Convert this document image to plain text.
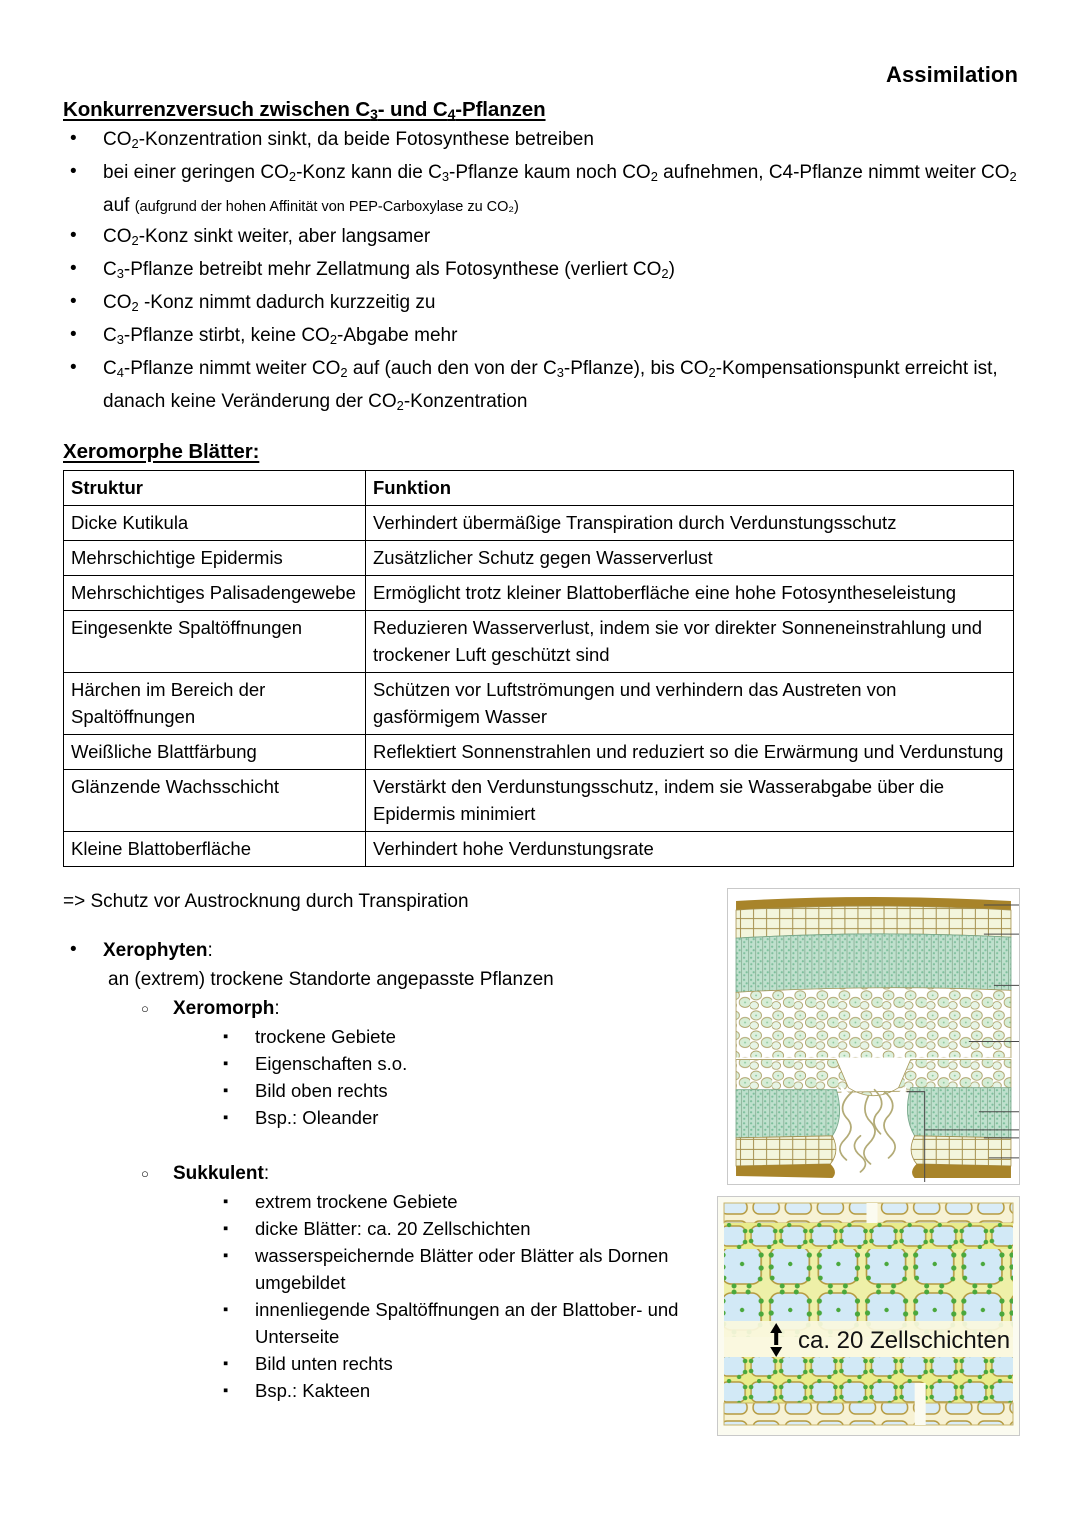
Assimilation
Konkurrenzversuch zwischen $C_3-$ und $C_4$-Pflanzen
• $CO_2$-Konzentration sinkt, da beide Fotosynthese betreiben
• bei einer geringen $CO_2$-Konz kann die $C_3$-Pflanze kaum noch $CO_2$ aufnehmen, C4-Pflanze nimmt weiter $CO_2$ auf (aufgrund der hohen Affinität von PEP-Carboxylase zu CO₂)
• $CO_2$-Konz sinkt weiter, aber langsamer
• $C_3$-Pflanze betreibt mehr Zellatmung als Fotosynthese (verliert $CO_2$)
• $CO_2$ -Konz nimmt dadurch kurzzeitig zu
• $C_3$-Pflanze stirbt, keine $CO_2$-Abgabe mehr
• $C_4$-Pflanze nimmt weiter $CO_2$ auf (auch den von der $C_3-Pflanze$), bis $CO_2$-Kompensationspunkt erreicht ist, danach keine Veränderung der $CO_2$-Konzentration
Xeromorphe Blätter:
Struktur	Funktion
Dicke Kutikula	Verhindert übermäßige Transpiration durch Verdunstungsschutz
Mehrschichtige Epidermis	Zusätzlicher Schutz gegen Wasserverlust
Mehrschichtiges Palisadengewebe	Ermöglicht trotz kleiner Blattoberfläche eine hohe Fotosyntheseleistung
Eingesenkte Spaltöffnungen	Reduzieren Wasserverlust, indem sie vor direkter Sonneneinstrahlung und trockener Luft geschützt sind
Härchen im Bereich der Spaltöffnungen	Schützen vor Luftströmungen und verhindern das Austreten von gasförmigem Wasser
Weißliche Blattfärbung	Reflektiert Sonnenstrahlen und reduziert so die Erwärmung und Verdunstung
Glänzende Wachsschicht	Verstärkt den Verdunstungsschutz, indem sie Wasserabgabe über die Epidermis minimiert
Kleine Blattoberfläche	Verhindert hohe Verdunstungsrate
=> Schutz vor Austrocknung durch Transpiration
• Xerophyten:
an (extrem) trockene Standorte angepasste Pflanzen
○ Xeromorph:
▪ trockene Gebiete
▪ Eigenschaften s.o.
▪ Bild oben rechts
▪ Bsp.: Oleander
○ Sukkulent:
▪ extrem trockene Gebiete
▪ dicke Blätter: ca. 20 Zellschichten
▪ wasserspeichernde Blätter oder Blätter als Dornen umgebildet
▪ innenliegende Spaltöffnungen an der Blattober- und Unterseite
▪ Bild unten rechts
▪ Bsp.: Kakteen
ca. 20 Zellschichten
